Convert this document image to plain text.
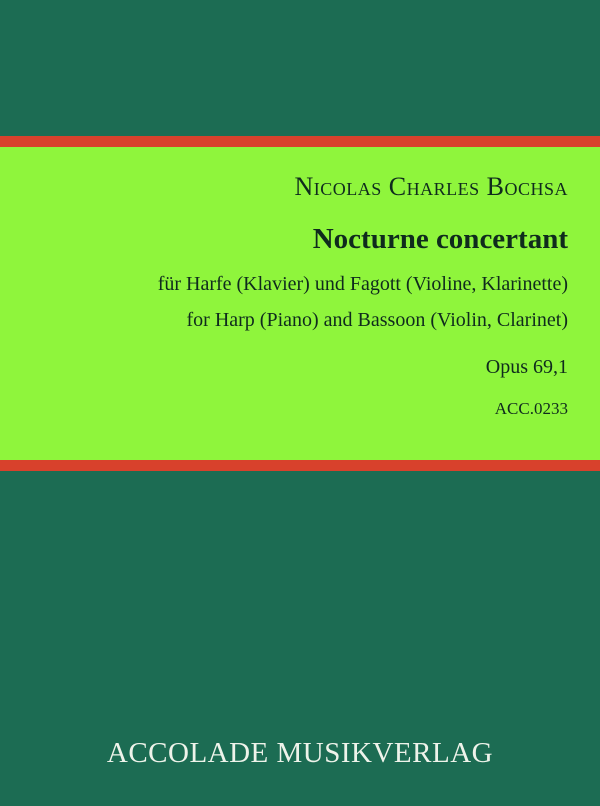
Nicolas Charles Bochsa
Nocturne concertant
für Harfe (Klavier) und Fagott (Violine, Klarinette)
for Harp (Piano) and Bassoon (Violin, Clarinet)
Opus 69,1
ACC.0233
ACCOLADE MUSIKVERLAG
